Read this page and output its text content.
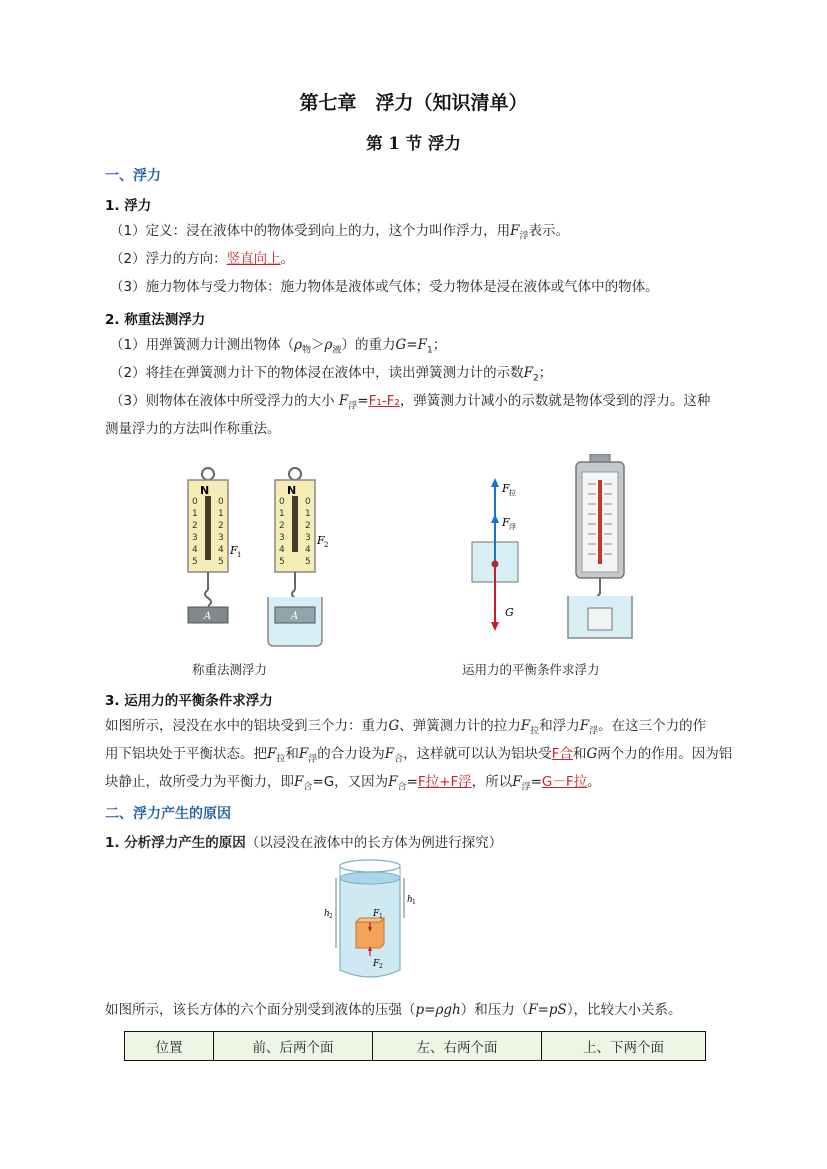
第七章　浮力（知识清单）
第 1 节 浮力
一、浮力
1. 浮力
（1）定义：浸在液体中的物体受到向上的力，这个力叫作浮力，用$F_浮$表示。
（2）浮力的方向：竖直向上。
（3）施力物体与受力物体：施力物体是液体或气体；受力物体是浸在液体或气体中的物体。
2. 称重法测浮力
（1）用弹簧测力计测出物体$(\rho_物>\rho_液)$的重力$G=F_1$；
（2）将挂在弹簧测力计下的物体浸在液体中，读出弹簧测力计的示数$F_2$；
（3）则物体在液体中所受浮力的大小 $F_浮=F_1-F_2$，弹簧测力计减小的示数就是物体受到的浮力。这种
测量浮力的方法叫作称重法。
N	N
0
1
2
3
4
5
0
1
2
3
4
5
0
1
2
3
4
5
0
1
2
3
4
5
F 1
F 2
A	A
称重法测浮力
F 拉
F 浮
G
运用力的平衡条件求浮力
3. 运用力的平衡条件求浮力
如图所示，浸没在水中的铝块受到三个力：重力G、弹簧测力计的拉力$F_拉$和浮力$F_浮$。在这三个力的作
用下铝块处于平衡状态。把$F_拉$和$F_浮$的合力设为$F_合$，这样就可以认为铝块受F合和G两个力的作用。因为铝
块静止，故所受力为平衡力，即$F_合=G$，又因为$F_合=F$拉+F浮，所以$F_浮=G-F$拉。
二、浮力产生的原因
1. 分析浮力产生的原因（以浸没在液体中的长方体为例进行探究）
h 2
h 1
F 1
F 2
如图所示，该长方体的六个面分别受到液体的压强（p=ρgh）和压力（F=pS），比较大小关系。
位置	前、后两个面	左、右两个面	上、下两个面
